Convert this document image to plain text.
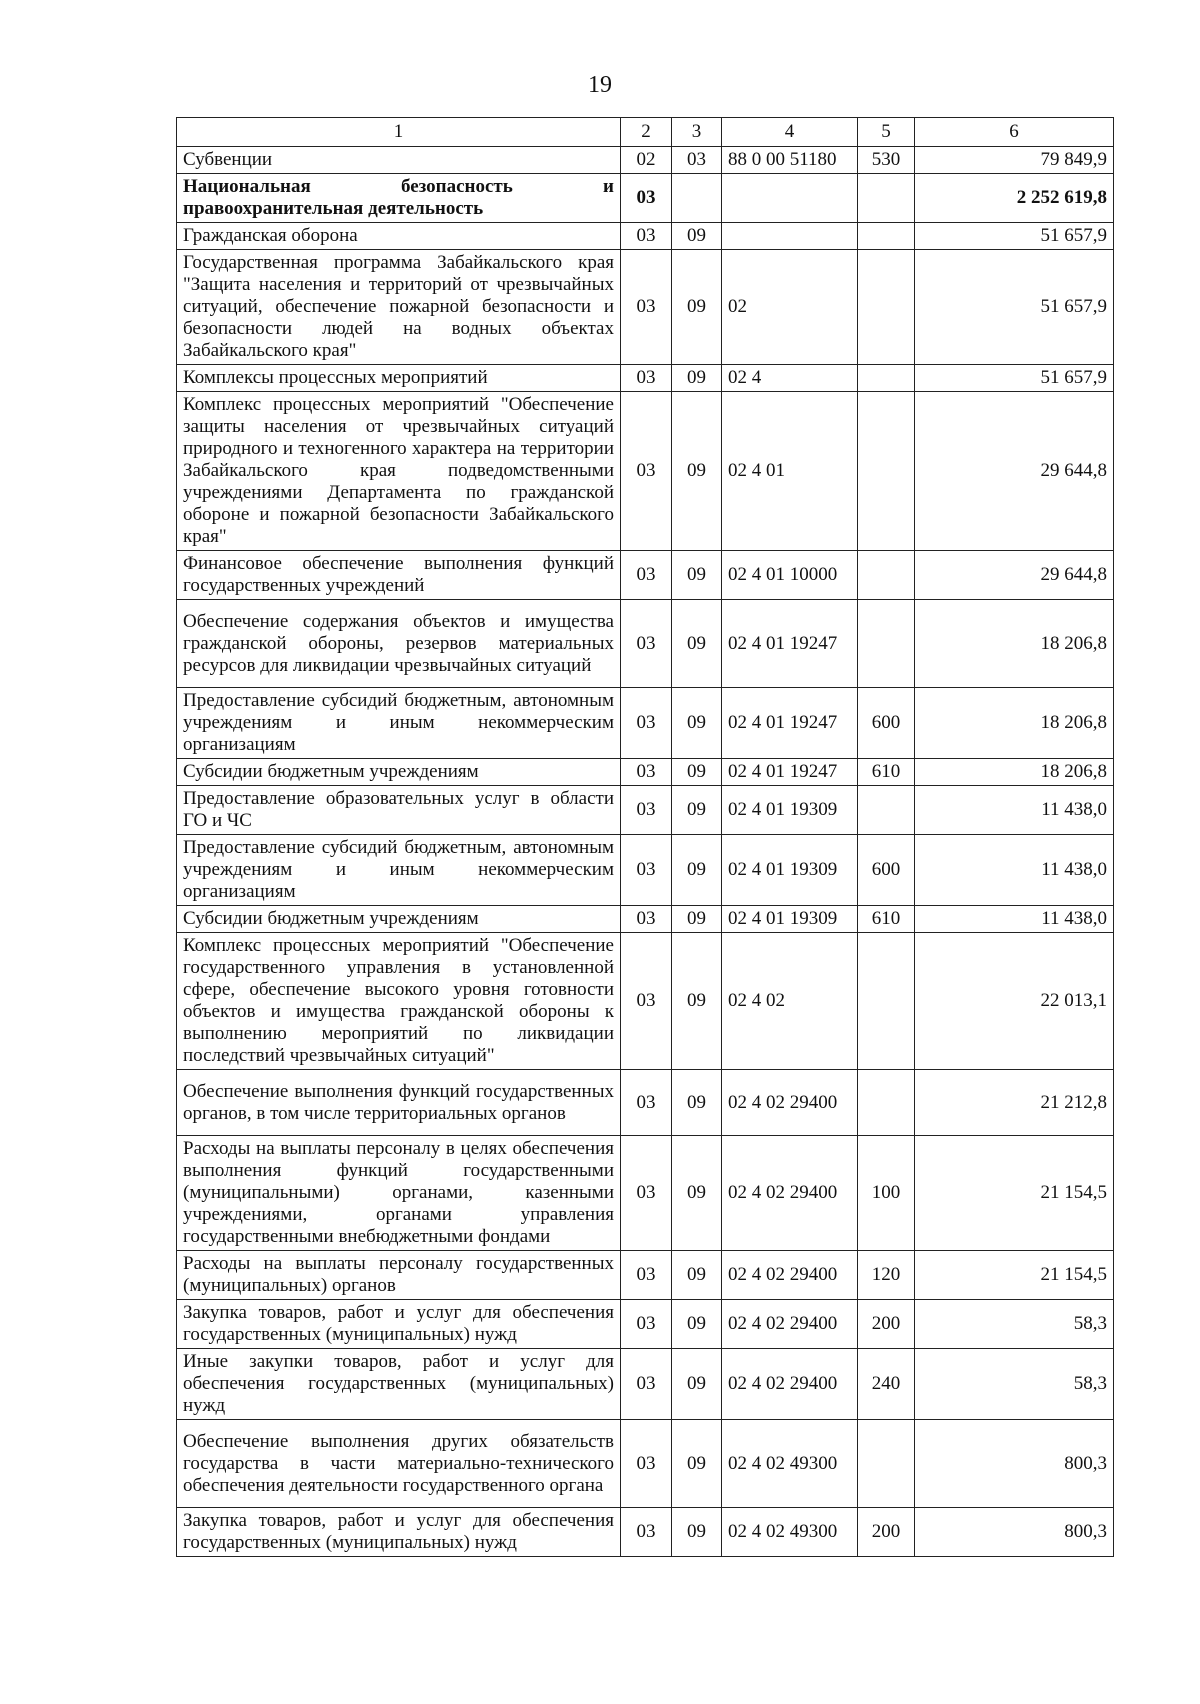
19
1	2	3	4	5	6
Субвенции	02	03	88 0 00 51180	530	79 849,9
Национальная безопасность и правоохранительная деятельность	03				2 252 619,8
Гражданская оборона	03	09			51 657,9
Государственная программа Забайкальского края "Защита населения и территорий от чрезвычайных ситуаций, обеспечение пожарной безопасности и безопасности людей на водных объектах Забайкальского края"	03	09	02		51 657,9
Комплексы процессных мероприятий	03	09	02 4		51 657,9
Комплекс процессных мероприятий "Обеспечение защиты населения от чрезвычайных ситуаций природного и техногенного характера на территории Забайкальского края подведомственными учреждениями Департамента по гражданской обороне и пожарной безопасности Забайкальского края"	03	09	02 4 01		29 644,8
Финансовое обеспечение выполнения функций государственных учреждений	03	09	02 4 01 10000		29 644,8
Обеспечение содержания объектов и имущества гражданской обороны, резервов материальных ресурсов для ликвидации чрезвычайных ситуаций	03	09	02 4 01 19247		18 206,8
Предоставление субсидий бюджетным, автономным учреждениям и иным некоммерческим организациям	03	09	02 4 01 19247	600	18 206,8
Субсидии бюджетным учреждениям	03	09	02 4 01 19247	610	18 206,8
Предоставление образовательных услуг в области ГО и ЧС	03	09	02 4 01 19309		11 438,0
Предоставление субсидий бюджетным, автономным учреждениям и иным некоммерческим организациям	03	09	02 4 01 19309	600	11 438,0
Субсидии бюджетным учреждениям	03	09	02 4 01 19309	610	11 438,0
Комплекс процессных мероприятий "Обеспечение государственного управления в установленной сфере, обеспечение высокого уровня готовности объектов и имущества гражданской обороны к выполнению мероприятий по ликвидации последствий чрезвычайных ситуаций"	03	09	02 4 02		22 013,1
Обеспечение выполнения функций государственных органов, в том числе территориальных органов	03	09	02 4 02 29400		21 212,8
Расходы на выплаты персоналу в целях обеспечения выполнения функций государственными (муниципальными) органами, казенными учреждениями, органами управления государственными внебюджетными фондами	03	09	02 4 02 29400	100	21 154,5
Расходы на выплаты персоналу государственных (муниципальных) органов	03	09	02 4 02 29400	120	21 154,5
Закупка товаров, работ и услуг для обеспечения государственных (муниципальных) нужд	03	09	02 4 02 29400	200	58,3
Иные закупки товаров, работ и услуг для обеспечения государственных (муниципальных) нужд	03	09	02 4 02 29400	240	58,3
Обеспечение выполнения других обязательств государства в части материально-технического обеспечения деятельности государственного органа	03	09	02 4 02 49300		800,3
Закупка товаров, работ и услуг для обеспечения государственных (муниципальных) нужд	03	09	02 4 02 49300	200	800,3
